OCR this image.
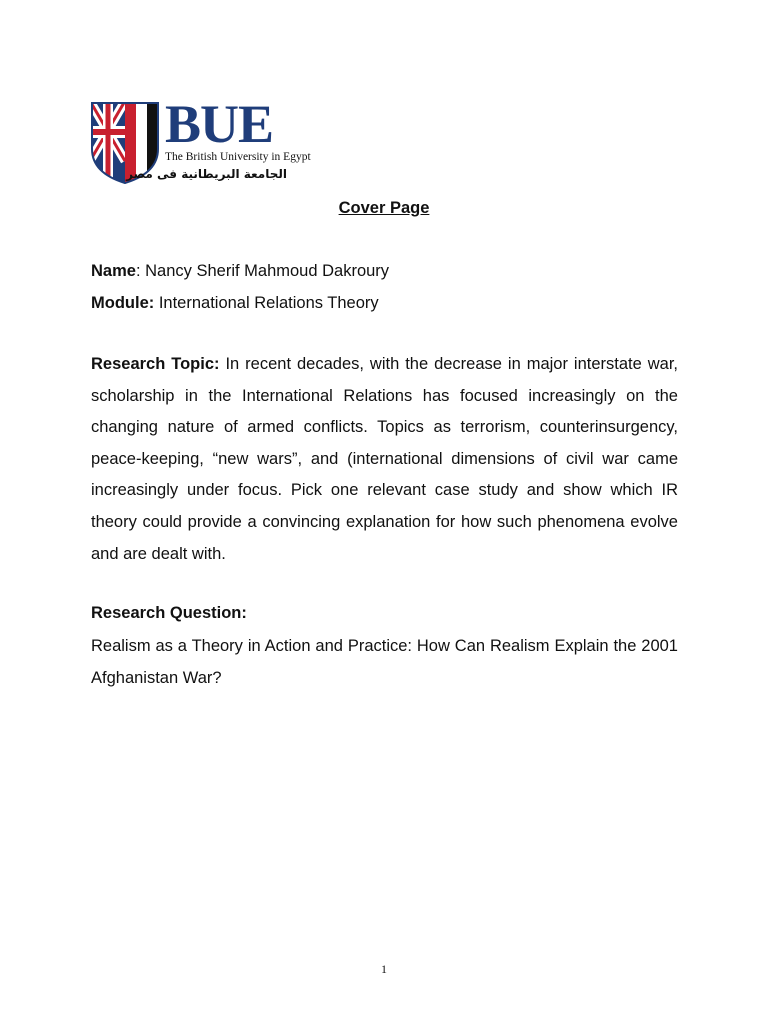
BUE
The British University in Egypt
الجامعة البريطانية فى مصر
Cover Page
Name: Nancy Sherif Mahmoud Dakroury
Module: International Relations Theory

Research Topic: In recent decades, with the decrease in major interstate war, scholarship in the International Relations has focused increasingly on the changing nature of armed conflicts. Topics as terrorism, counterinsurgency, peace-keeping, “new wars”, and (international dimensions of civil war came increasingly under focus. Pick one relevant case study and show which IR theory could provide a convincing explanation for how such phenomena evolve and are dealt with.

Research Question:

Realism as a Theory in Action and Practice: How Can Realism Explain the 2001 Afghanistan War?

1
